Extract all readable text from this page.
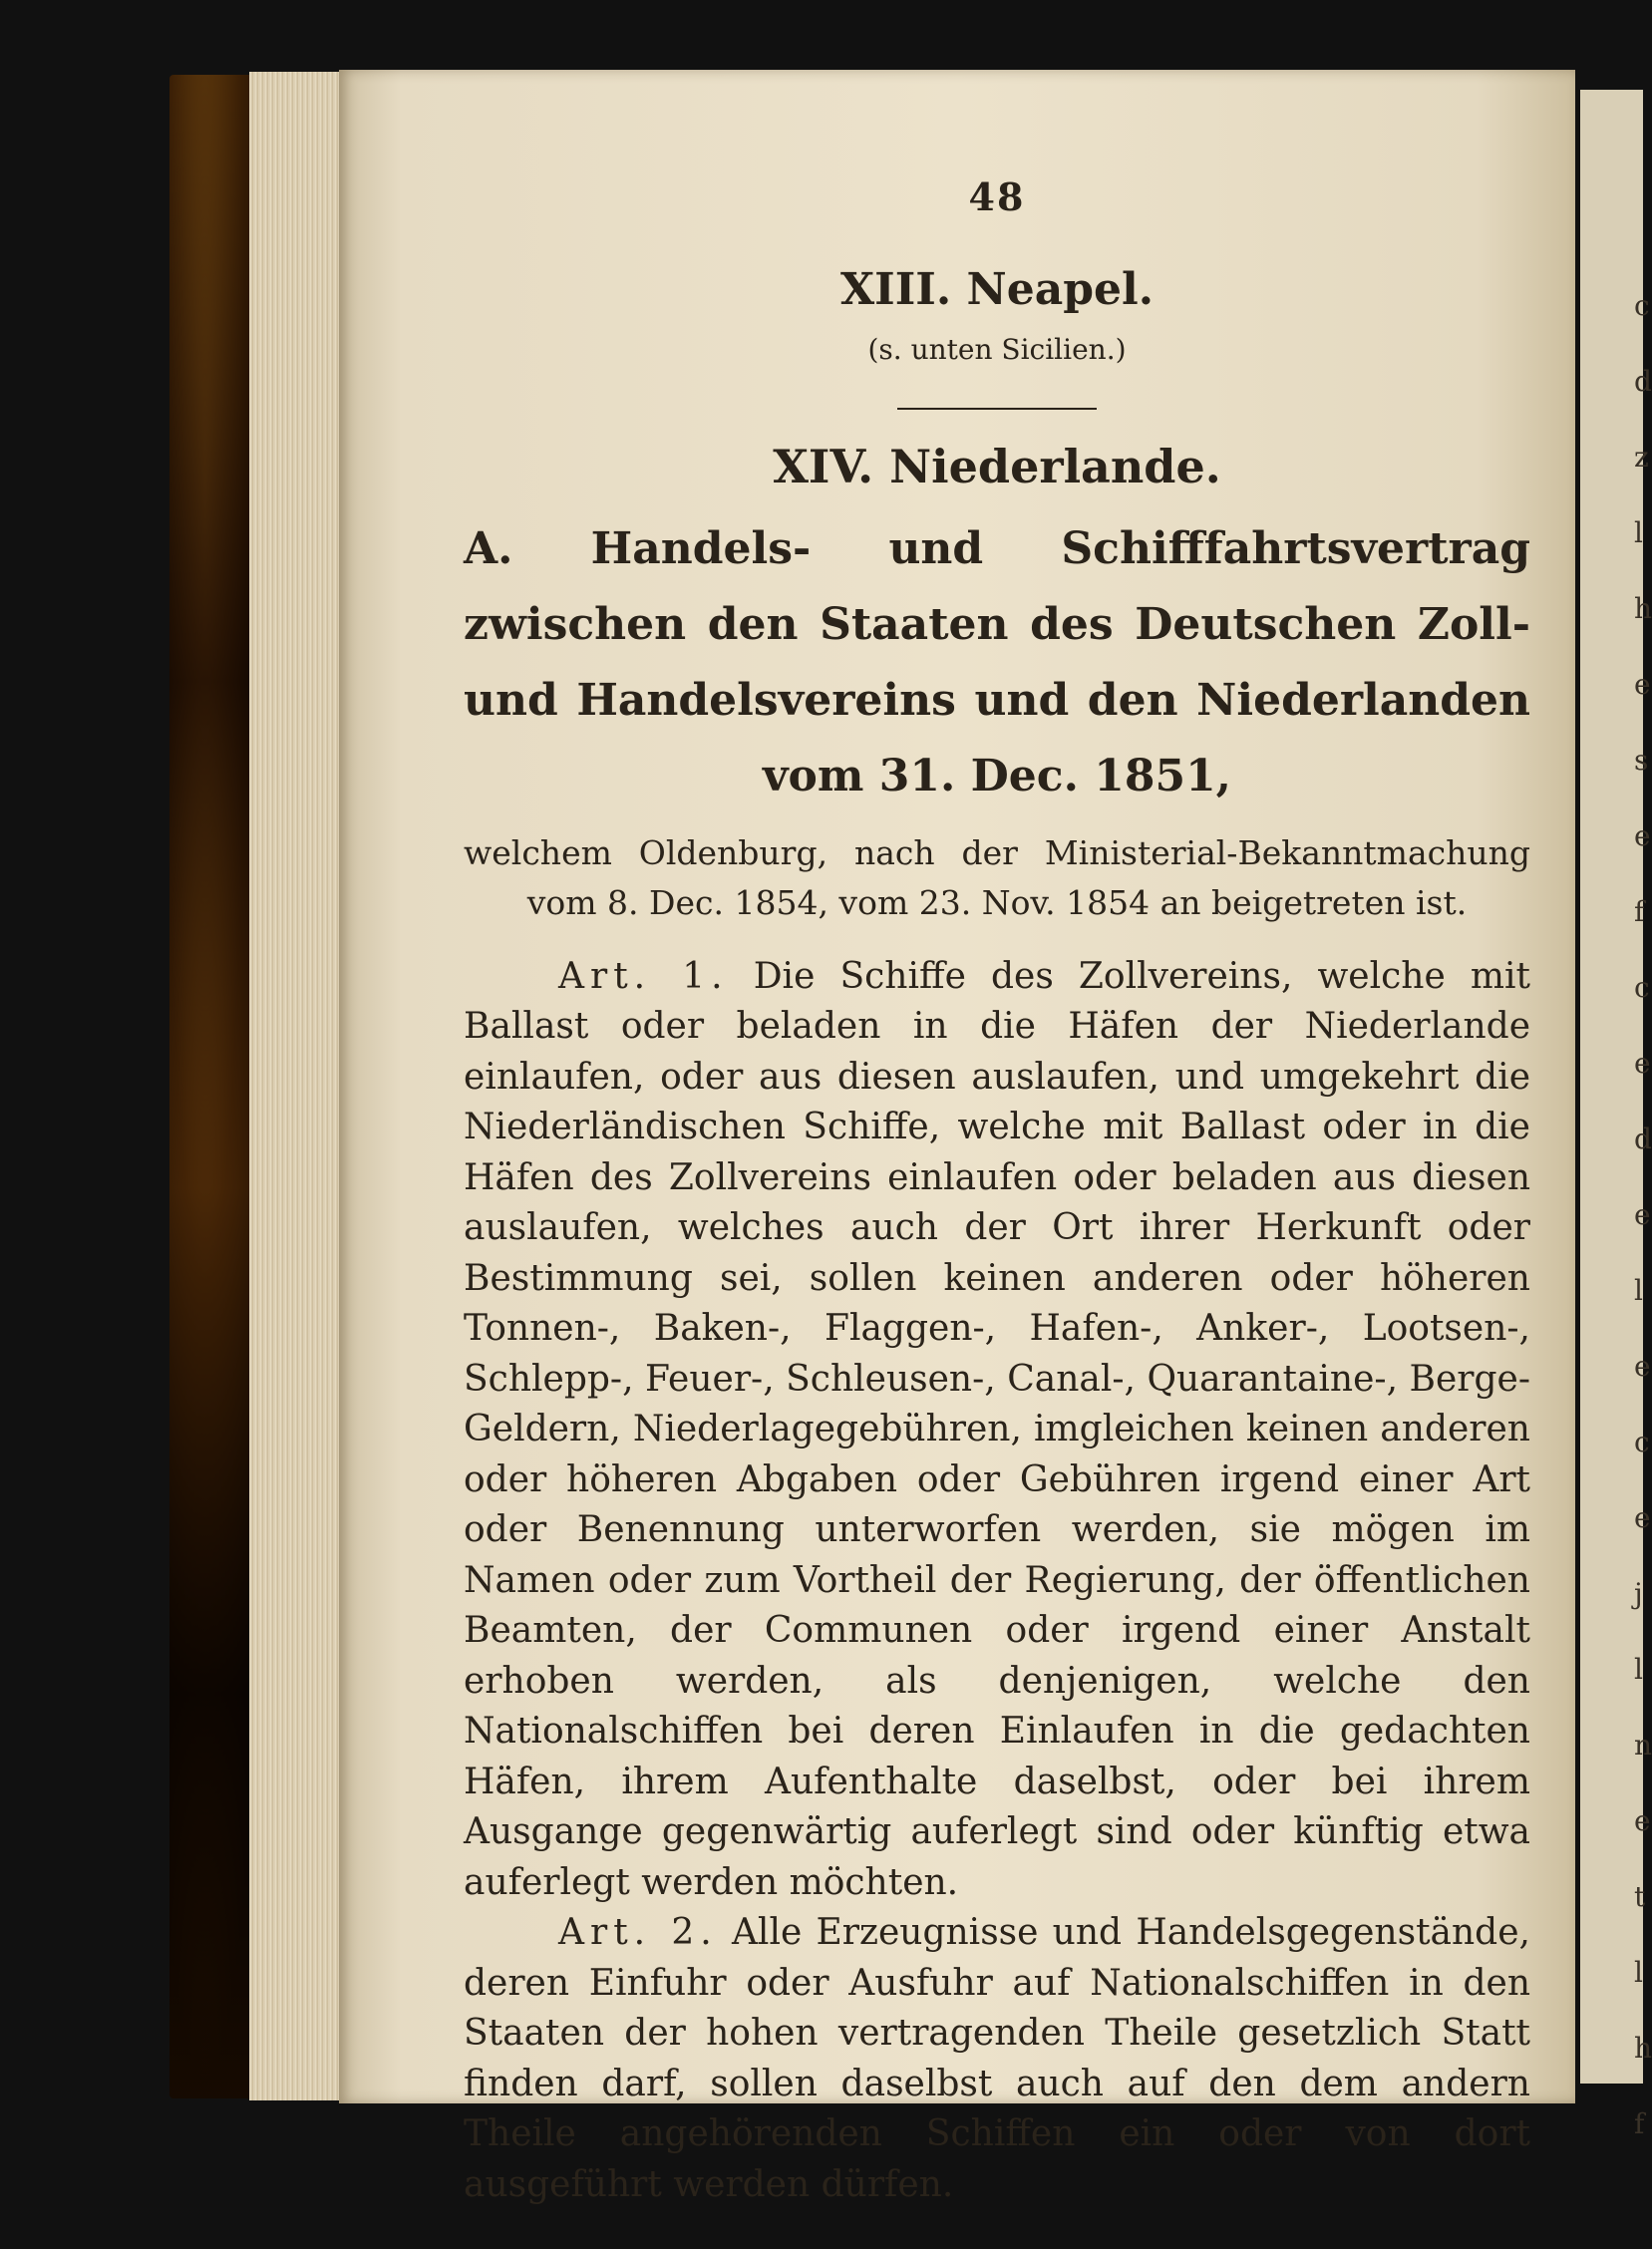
c
d
z
l
h
e
s
e
f
c
e
d
e
l
e
c
e
j
l
n
e
t
l
h
f
48

XIII. Neapel.

(s. unten Sicilien.)

XIV. Niederlande.

A. Handels- und Schifffahrtsvertrag zwischen den Staaten des Deutschen Zoll- und Handelsvereins und den Niederlanden vom 31. Dec. 1851,

welchem Oldenburg, nach der Ministerial-Bekanntmachung vom 8. Dec. 1854, vom 23. Nov. 1854 an beigetreten ist.

Art. 1. Die Schiffe des Zollvereins, welche mit Ballast oder beladen in die Häfen der Niederlande einlaufen, oder aus diesen auslaufen, und umgekehrt die Niederländischen Schiffe, welche mit Ballast oder in die Häfen des Zollvereins einlaufen oder beladen aus diesen auslaufen, welches auch der Ort ihrer Herkunft oder Bestimmung sei, sollen keinen anderen oder höheren Tonnen-, Baken-, Flaggen-, Hafen-, Anker-, Lootsen-, Schlepp-, Feuer-, Schleusen-, Canal-, Quarantaine-, Berge-Geldern, Niederlagegebühren, imgleichen keinen anderen oder höheren Abgaben oder Gebühren irgend einer Art oder Benennung unterworfen werden, sie mögen im Namen oder zum Vortheil der Regierung, der öffentlichen Beamten, der Communen oder irgend einer Anstalt erhoben werden, als denjenigen, welche den Nationalschiffen bei deren Einlaufen in die gedachten Häfen, ihrem Aufenthalte daselbst, oder bei ihrem Ausgange gegenwärtig auferlegt sind oder künftig etwa auferlegt werden möchten.

Art. 2. Alle Erzeugnisse und Handelsgegenstände, deren Einfuhr oder Ausfuhr auf Nationalschiffen in den Staaten der hohen vertragenden Theile gesetzlich Statt finden darf, sollen daselbst auch auf den dem andern Theile angehörenden Schiffen ein oder von dort ausgeführt werden dürfen.
